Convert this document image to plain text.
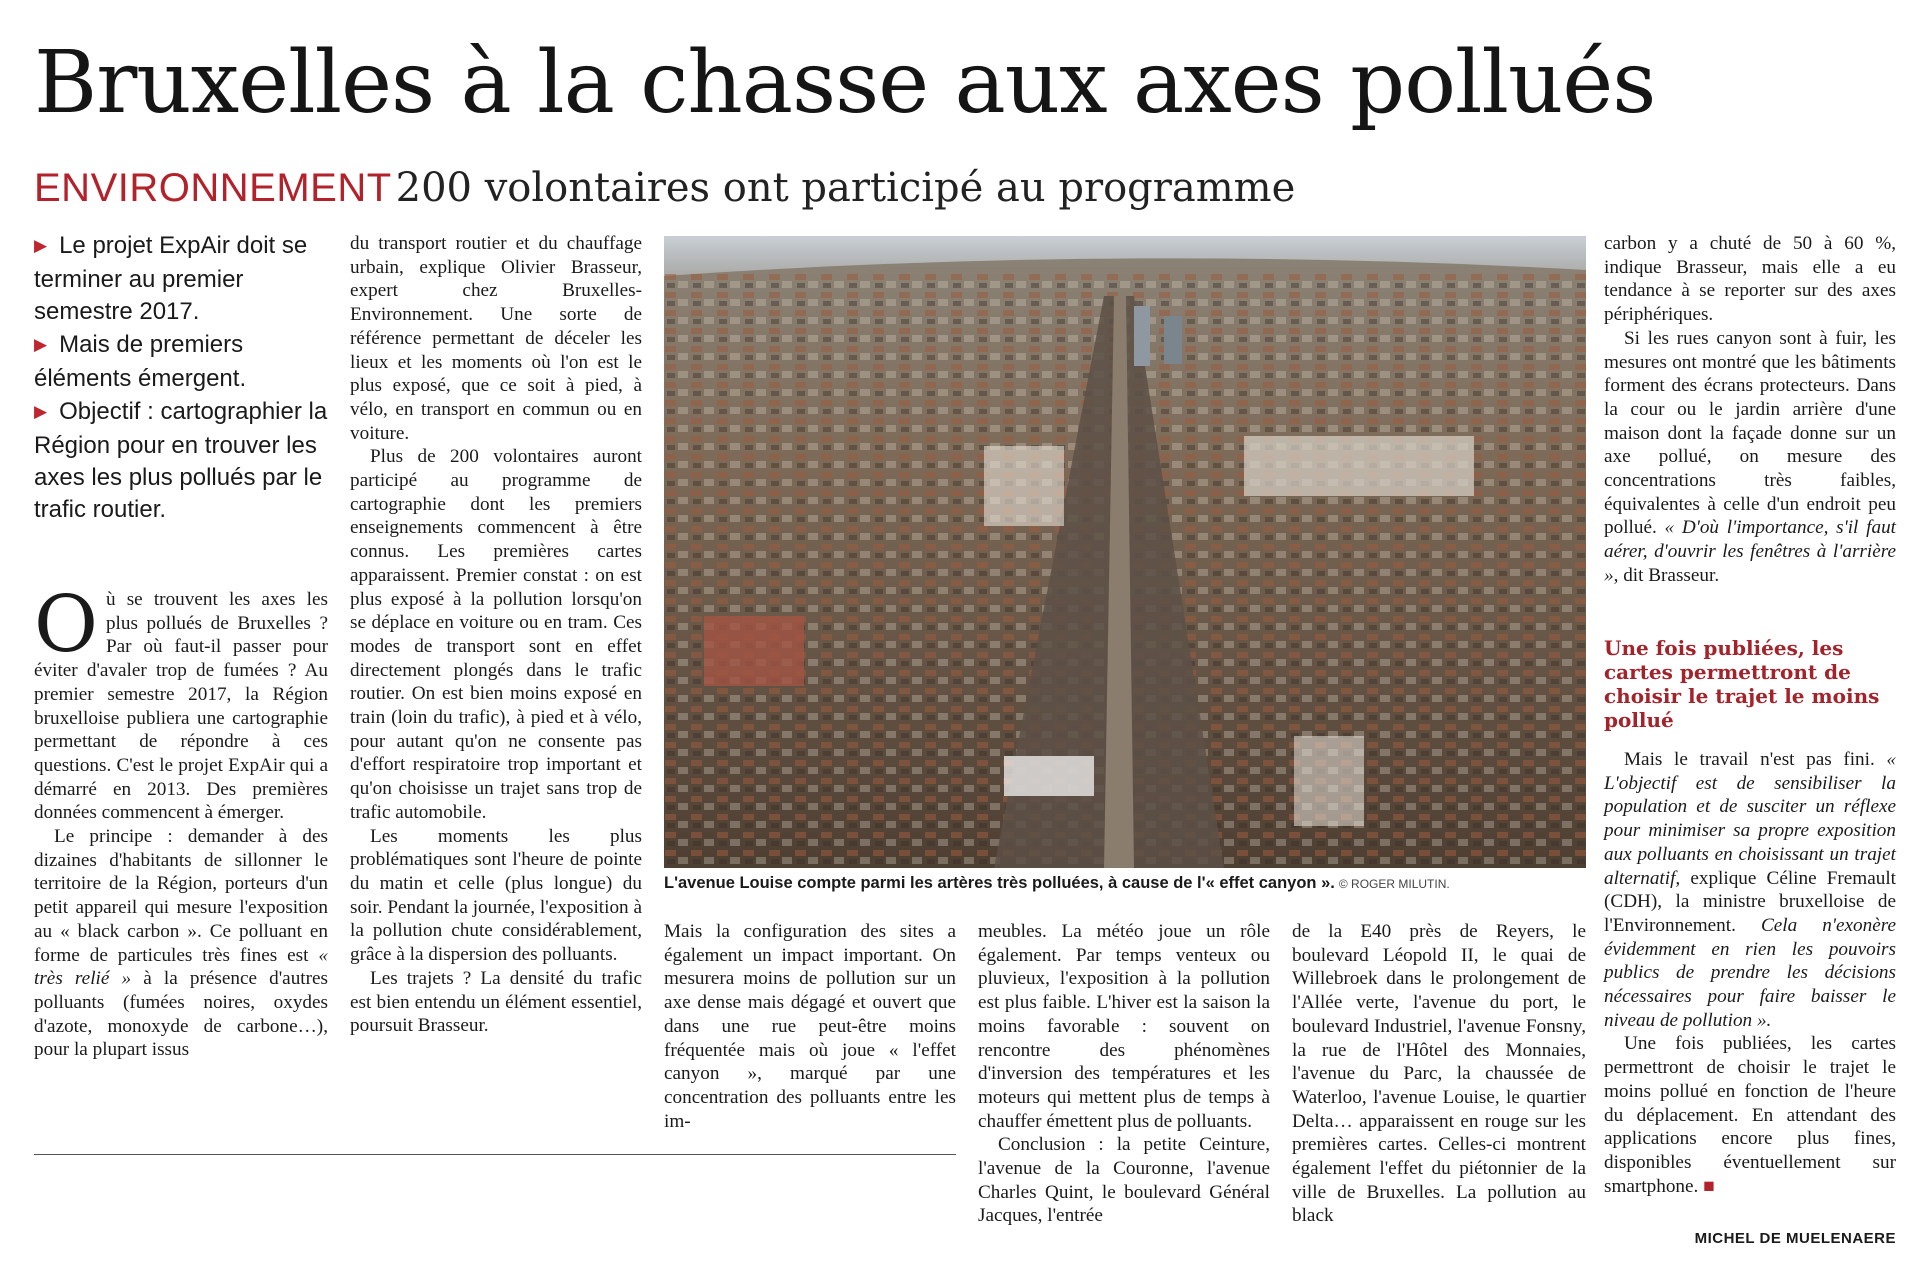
Bruxelles à la chasse aux axes pollués
ENVIRONNEMENT 200 volontaires ont participé au programme
▶ Le projet ExpAir doit se terminer au premier semestre 2017.
▶ Mais de premiers éléments émergent.
▶ Objectif : cartographier la Région pour en trouver les axes les plus pollués par le trafic routier.

Où se trouvent les axes les plus pollués de Bruxelles ? Par où faut-il passer pour éviter d'avaler trop de fumées ? Au premier semestre 2017, la Région bruxelloise publiera une cartographie permettant de répondre à ces questions. C'est le projet ExpAir qui a démarré en 2013. Des premières données commencent à émerger.

Le principe : demander à des dizaines d'habitants de sillonner le territoire de la Région, porteurs d'un petit appareil qui mesure l'exposition au « black carbon ». Ce polluant en forme de particules très fines est « très relié » à la présence d'autres polluants (fumées noires, oxydes d'azote, monoxyde de carbone…), pour la plupart issus

du transport routier et du chauffage urbain, explique Olivier Brasseur, expert chez Bruxelles-Environnement. Une sorte de référence permettant de déceler les lieux et les moments où l'on est le plus exposé, que ce soit à pied, à vélo, en transport en commun ou en voiture.

Plus de 200 volontaires auront participé au programme de cartographie dont les premiers enseignements commencent à être connus. Les premières cartes apparaissent. Premier constat : on est plus exposé à la pollution lorsqu'on se déplace en voiture ou en tram. Ces modes de transport sont en effet directement plongés dans le trafic routier. On est bien moins exposé en train (loin du trafic), à pied et à vélo, pour autant qu'on ne consente pas d'effort respiratoire trop important et qu'on choisisse un trajet sans trop de trafic automobile.

Les moments les plus problématiques sont l'heure de pointe du matin et celle (plus longue) du soir. Pendant la journée, l'exposition à la pollution chute considérablement, grâce à la dispersion des polluants.

Les trajets ? La densité du trafic est bien entendu un élément essentiel, poursuit Brasseur.

L'avenue Louise compte parmi les artères très polluées, à cause de l'« effet canyon ». © ROGER MILUTIN.

Mais la configuration des sites a également un impact important. On mesurera moins de pollution sur un axe dense mais dégagé et ouvert que dans une rue peut-être moins fréquentée mais où joue « l'effet canyon », marqué par une concentration des polluants entre les im-

meubles. La météo joue un rôle également. Par temps venteux ou pluvieux, l'exposition à la pollution est plus faible. L'hiver est la saison la moins favorable : souvent on rencontre des phénomènes d'inversion des températures et les moteurs qui mettent plus de temps à chauffer émettent plus de polluants.

Conclusion : la petite Ceinture, l'avenue de la Couronne, l'avenue Charles Quint, le boulevard Général Jacques, l'entrée

de la E40 près de Reyers, le boulevard Léopold II, le quai de Willebroek dans le prolongement de l'Allée verte, l'avenue du port, le boulevard Industriel, l'avenue Fonsny, la rue de l'Hôtel des Monnaies, l'avenue du Parc, la chaussée de Waterloo, l'avenue Louise, le quartier Delta… apparaissent en rouge sur les premières cartes. Celles-ci montrent également l'effet du piétonnier de la ville de Bruxelles. La pollution au black

carbon y a chuté de 50 à 60 %, indique Brasseur, mais elle a eu tendance à se reporter sur des axes périphériques.

Si les rues canyon sont à fuir, les mesures ont montré que les bâtiments forment des écrans protecteurs. Dans la cour ou le jardin arrière d'une maison dont la façade donne sur un axe pollué, on mesure des concentrations très faibles, équivalentes à celle d'un endroit peu pollué. « D'où l'importance, s'il faut aérer, d'ouvrir les fenêtres à l'arrière », dit Brasseur.

Une fois publiées, les cartes permettront de choisir le trajet le moins pollué

Mais le travail n'est pas fini. « L'objectif est de sensibiliser la population et de susciter un réflexe pour minimiser sa propre exposition aux polluants en choisissant un trajet alternatif, explique Céline Fremault (CDH), la ministre bruxelloise de l'Environnement. Cela n'exonère évidemment en rien les pouvoirs publics de prendre les décisions nécessaires pour faire baisser le niveau de pollution ».

Une fois publiées, les cartes permettront de choisir le trajet le moins pollué en fonction de l'heure du déplacement. En attendant des applications encore plus fines, disponibles éventuellement sur smartphone. ■

MICHEL DE MUELENAERE
